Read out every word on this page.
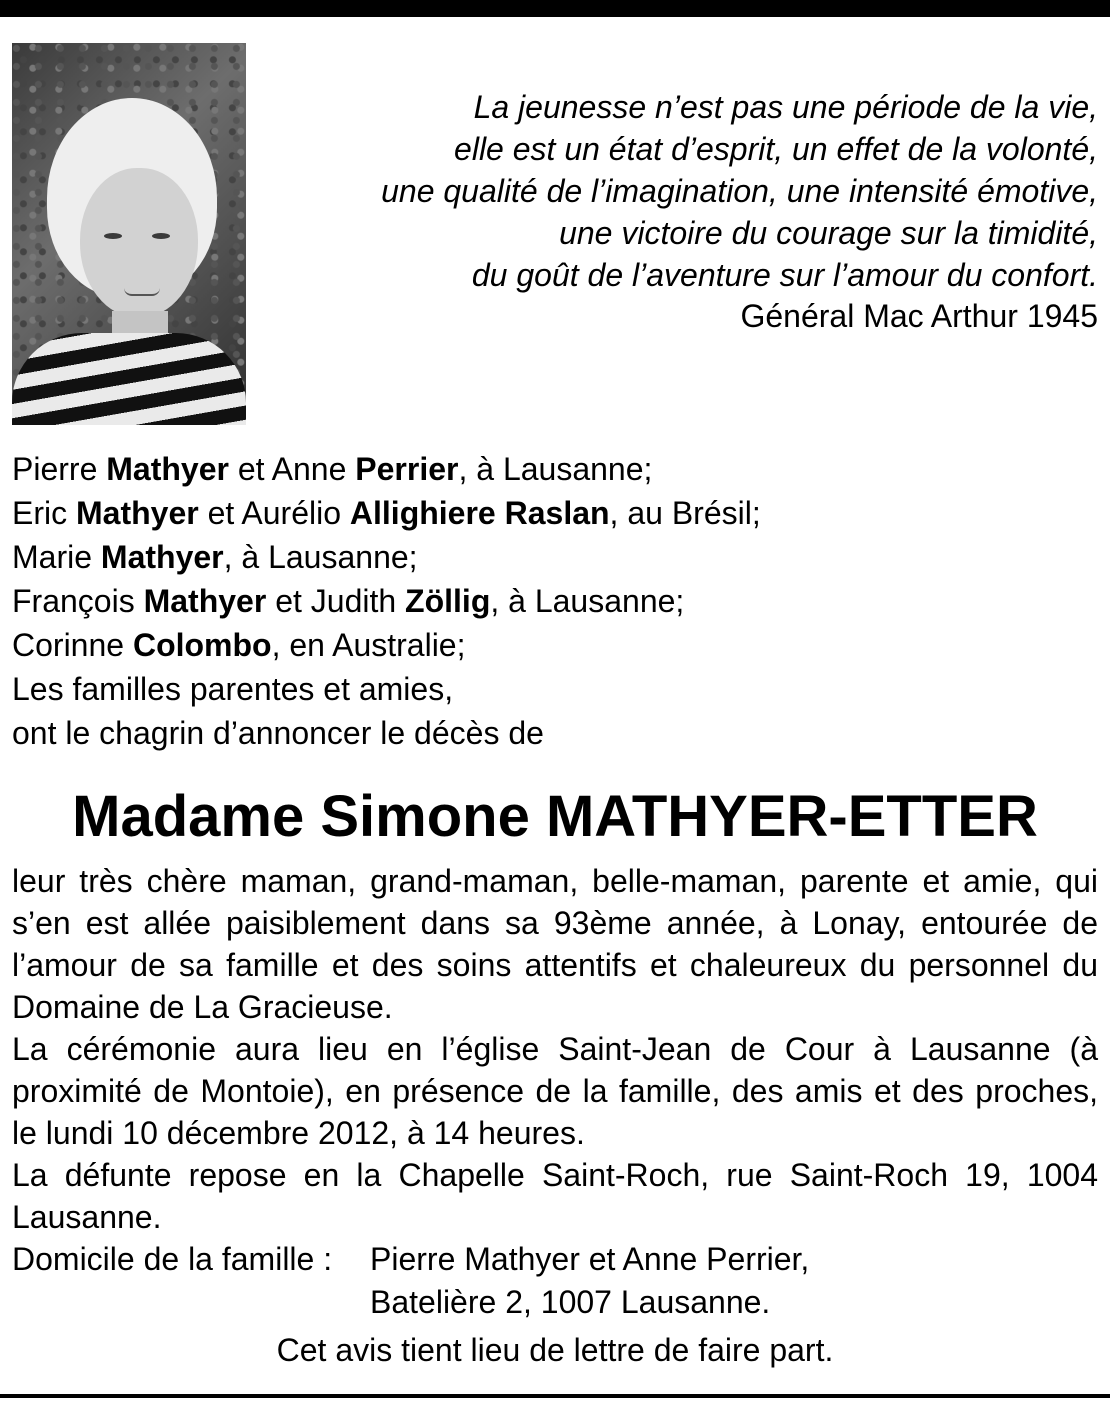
La jeunesse n’est pas une période de la vie,
elle est un état d’esprit, un effet de la volonté,
une qualité de l’imagination, une intensité émotive,
une victoire du courage sur la timidité,
du goût de l’aventure sur l’amour du confort.
Général Mac Arthur 1945
Pierre Mathyer et Anne Perrier, à Lausanne;
Eric Mathyer et Aurélio Allighiere Raslan, au Brésil;
Marie Mathyer, à Lausanne;
François Mathyer et Judith Zöllig, à Lausanne;
Corinne Colombo, en Australie;
Les familles parentes et amies,
ont le chagrin d’annoncer le décès de
Madame Simone MATHYER-ETTER

leur très chère maman, grand-maman, belle-maman, parente et amie, qui s’en est allée paisiblement dans sa 93ème année, à Lonay, entourée de l’amour de sa famille et des soins attentifs et chaleureux du personnel du Domaine de La Gracieuse.

La cérémonie aura lieu en l’église Saint-Jean de Cour à Lausanne (à proximité de Montoie), en présence de la famille, des amis et des proches, le lundi 10 décembre 2012, à 14 heures.

La défunte repose en la Chapelle Saint-Roch, rue Saint-Roch 19, 1004 Lausanne.

Domicile de la famille : Pierre Mathyer et Anne Perrier,
Batelière 2, 1007 Lausanne.
Cet avis tient lieu de lettre de faire part.
